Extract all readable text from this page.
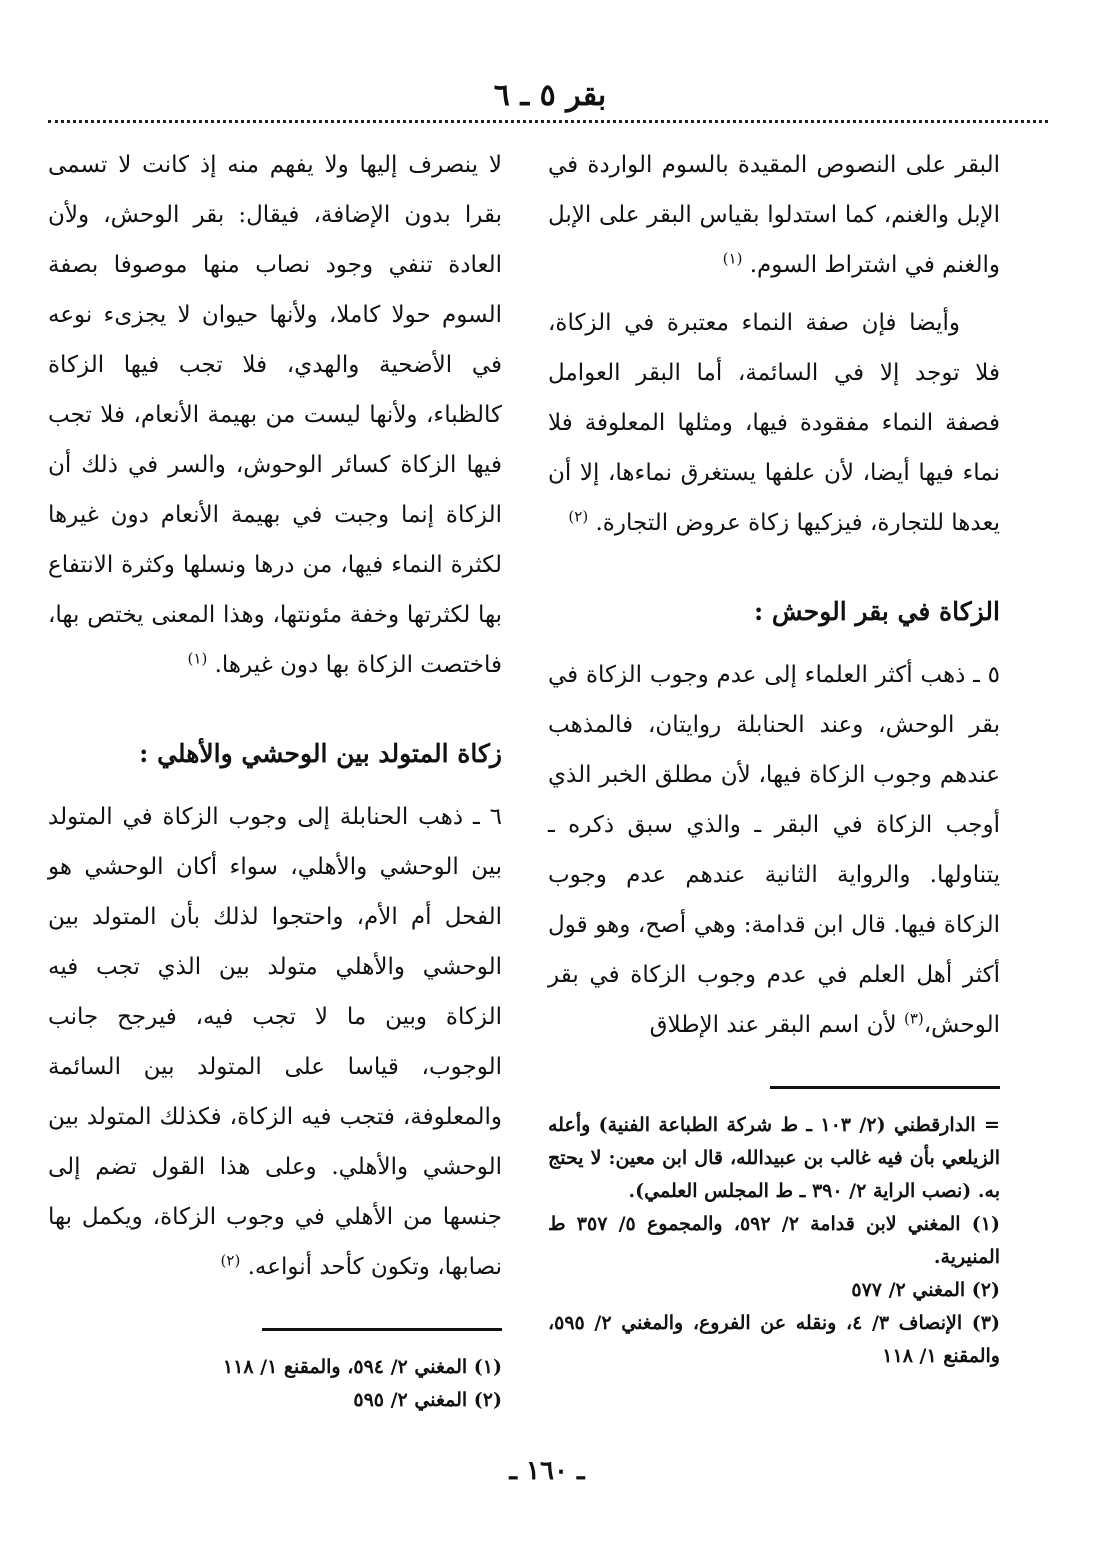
بقر ٥ ـ ٦

البقر على النصوص المقيدة بالسوم الواردة في الإبل والغنم، كما استدلوا بقياس البقر على الإبل والغنم في اشتراط السوم. $^{(١)}$

وأيضا فإن صفة النماء معتبرة في الزكاة، فلا توجد إلا في السائمة، أما البقر العوامل فصفة النماء مفقودة فيها، ومثلها المعلوفة فلا نماء فيها أيضا، لأن علفها يستغرق نماءها، إلا أن يعدها للتجارة، فيزكيها زكاة عروض التجارة. $^{(٢)}$

الزكاة في بقر الوحش :

٥ ـ ذهب أكثر العلماء إلى عدم وجوب الزكاة في بقر الوحش، وعند الحنابلة روايتان، فالمذهب عندهم وجوب الزكاة فيها، لأن مطلق الخبر الذي أوجب الزكاة في البقر ـ والذي سبق ذكره ـ يتناولها. والرواية الثانية عندهم عدم وجوب الزكاة فيها. قال ابن قدامة: وهي أصح، وهو قول أكثر أهل العلم في عدم وجوب الزكاة في بقر الوحش،$^{(٣)}$ لأن اسم البقر عند الإطلاق

= الدارقطني (٢/ ١٠٣ ـ ط شركة الطباعة الفنية) وأعله الزيلعي بأن فيه غالب بن عبيدالله، قال ابن معين: لا يحتج به. (نصب الراية ٢/ ٣٩٠ ـ ط المجلس العلمي).

(١) المغني لابن قدامة ٢/ ٥٩٢، والمجموع ٥/ ٣٥٧ ط المنيرية.

(٢) المغني ٢/ ٥٧٧

(٣) الإنصاف ٣/ ٤، ونقله عن الفروع، والمغني ٢/ ٥٩٥، والمقنع ١/ ١١٨

لا ينصرف إليها ولا يفهم منه إذ كانت لا تسمى بقرا بدون الإضافة، فيقال: بقر الوحش، ولأن العادة تنفي وجود نصاب منها موصوفا بصفة السوم حولا كاملا، ولأنها حيوان لا يجزىء نوعه في الأضحية والهدي، فلا تجب فيها الزكاة كالظباء، ولأنها ليست من بهيمة الأنعام، فلا تجب فيها الزكاة كسائر الوحوش، والسر في ذلك أن الزكاة إنما وجبت في بهيمة الأنعام دون غيرها لكثرة النماء فيها، من درها ونسلها وكثرة الانتفاع بها لكثرتها وخفة مئونتها، وهذا المعنى يختص بها، فاختصت الزكاة بها دون غيرها. $^{(١)}$

زكاة المتولد بين الوحشي والأهلي :

٦ ـ ذهب الحنابلة إلى وجوب الزكاة في المتولد بين الوحشي والأهلي، سواء أكان الوحشي هو الفحل أم الأم، واحتجوا لذلك بأن المتولد بين الوحشي والأهلي متولد بين الذي تجب فيه الزكاة وبين ما لا تجب فيه، فيرجح جانب الوجوب، قياسا على المتولد بين السائمة والمعلوفة، فتجب فيه الزكاة، فكذلك المتولد بين الوحشي والأهلي. وعلى هذا القول تضم إلى جنسها من الأهلي في وجوب الزكاة، ويكمل بها نصابها، وتكون كأحد أنواعه. $^{(٢)}$

(١) المغني ٢/ ٥٩٤، والمقنع ١/ ١١٨

(٢) المغني ٢/ ٥٩٥

ـ ١٦٠ ـ
